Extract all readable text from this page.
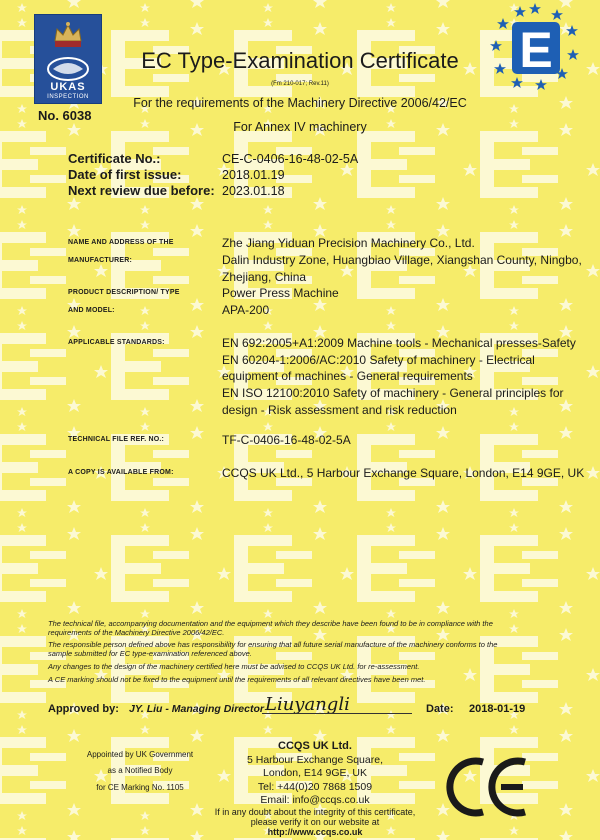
UKAS
INSPECTION
No. 6038
E
EC Type-Examination Certificate
(Fm 210-017; Rev.11)
For the requirements of the Machinery Directive 2006/42/EC
For Annex IV machinery
Certificate No.:	CE-C-0406-16-48-02-5A
Date of first issue:	2018.01.19
Next review due before: 2023.01.18
NAME AND ADDRESS OF THE
MANUFACTURER:
Zhe Jiang Yiduan Precision Machinery Co., Ltd.
Dalin Industry Zone, Huangbiao Village, Xiangshan County, Ningbo,
Zhejiang, China
PRODUCT DESCRIPTION/ TYPE
AND MODEL:
Power Press Machine
APA-200
APPLICABLE STANDARDS:	EN 692:2005+A1:2009 Machine tools - Mechanical presses-Safety
EN 60204-1:2006/AC:2010 Safety of machinery - Electrical
equipment of machines - General requirements
EN ISO 12100:2010 Safety of machinery - General principles for
design - Risk assessment and risk reduction
TECHNICAL FILE REF. NO.:	TF-C-0406-16-48-02-5A
A COPY IS AVAILABLE FROM:	CCQS UK Ltd., 5 Harbour Exchange Square, London, E14 9GE, UK
The technical file, accompanying documentation and the equipment which they describe have been found to be in compliance with the
requirements of the Machinery Directive 2006/42/EC.
The responsible person defined above has responsibility for ensuring that all future serial manufacture of the machinery conforms to the
sample submitted for EC type-examination referenced above.
Any changes to the design of the machinery certified here must be advised to CCQS UK Ltd. for re-assessment.
A CE marking should not be fixed to the equipment until the requirements of all relevant directives have been met.
Approved by: JY. Liu - Managing Director Liuyangli	Date: 2018-01-19
Appointed by UK Government
as a Notified Body
for CE Marking No. 1105
CCQS UK Ltd.
5 Harbour Exchange Square,
London, E14 9GE, UK
Tel: +44(0)20 7868 1509
Email: info@ccqs.co.uk
If in any doubt about the integrity of this certificate,
please verify it on our website at
http://www.ccqs.co.uk
